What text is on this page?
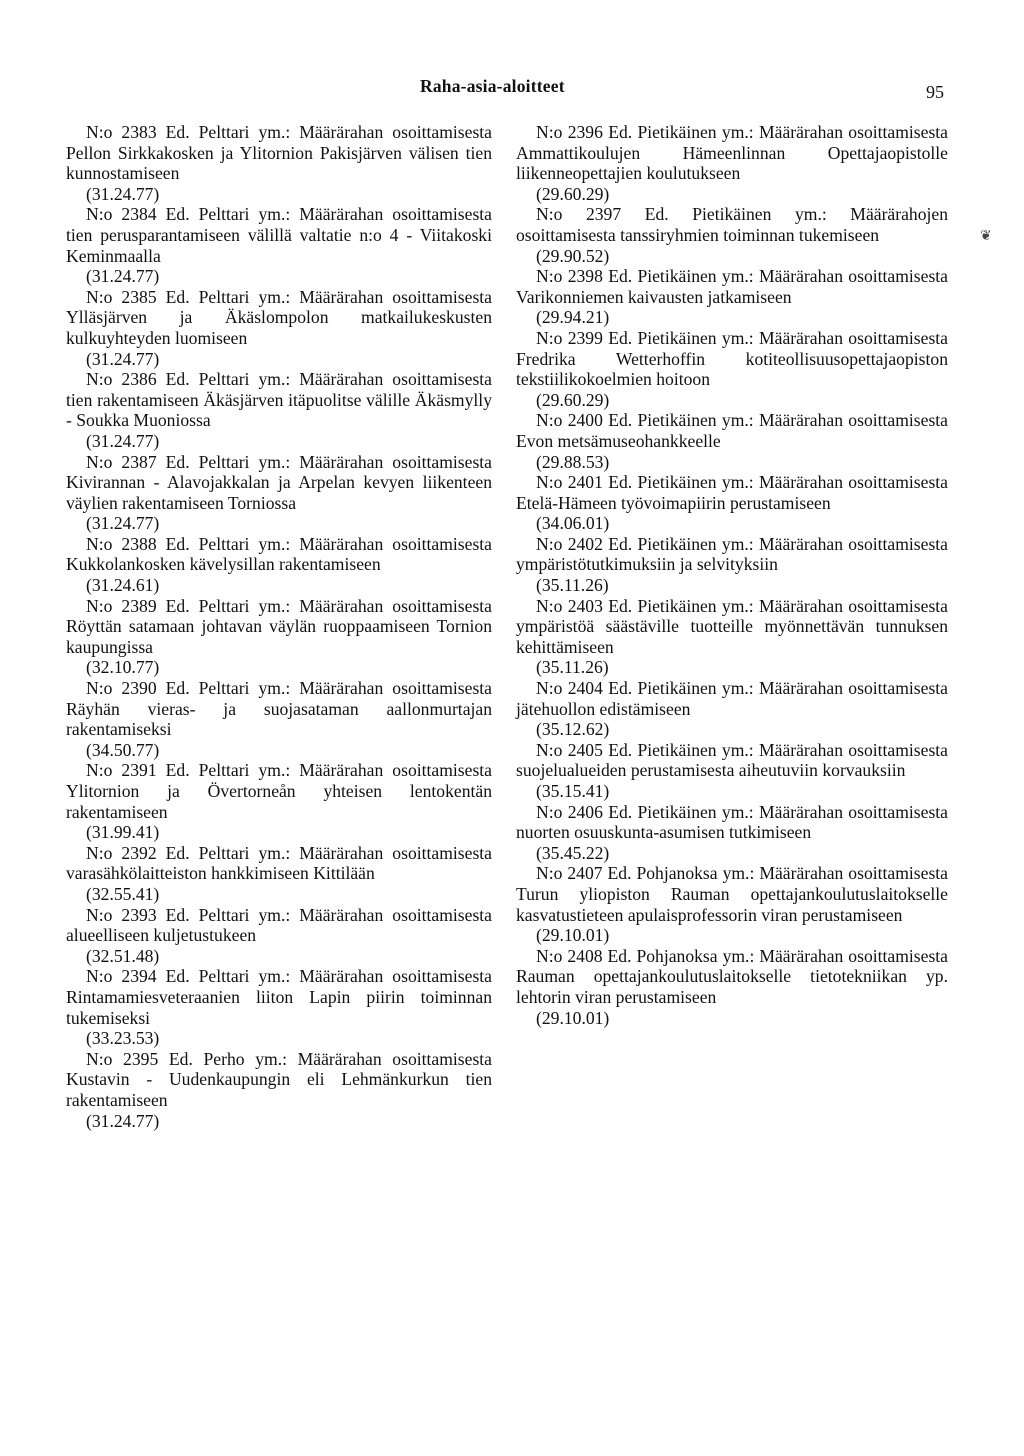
Raha-asia-aloitteet	95

N:o 2383 Ed. Pelttari ym.: Määrärahan osoittamisesta Pellon Sirkkakosken ja Ylitornion Pakisjärven välisen tien kunnostamiseen
(31.24.77)

N:o 2384 Ed. Pelttari ym.: Määrärahan osoittamisesta tien perusparantamiseen välillä valtatie n:o 4 - Viitakoski Keminmaalla
(31.24.77)

N:o 2385 Ed. Pelttari ym.: Määrärahan osoittamisesta Ylläsjärven ja Äkäslompolon matkailukeskusten kulkuyhteyden luomiseen
(31.24.77)

N:o 2386 Ed. Pelttari ym.: Määrärahan osoittamisesta tien rakentamiseen Äkäsjärven itäpuolitse välille Äkäsmylly - Soukka Muoniossa
(31.24.77)

N:o 2387 Ed. Pelttari ym.: Määrärahan osoittamisesta Kivirannan - Alavojakkalan ja Arpelan kevyen liikenteen väylien rakentamiseen Torniossa
(31.24.77)

N:o 2388 Ed. Pelttari ym.: Määrärahan osoittamisesta Kukkolankosken kävelysillan rakentamiseen
(31.24.61)

N:o 2389 Ed. Pelttari ym.: Määrärahan osoittamisesta Röyttän satamaan johtavan väylän ruoppaamiseen Tornion kaupungissa
(32.10.77)

N:o 2390 Ed. Pelttari ym.: Määrärahan osoittamisesta Räyhän vieras- ja suojasataman aallonmurtajan rakentamiseksi
(34.50.77)

N:o 2391 Ed. Pelttari ym.: Määrärahan osoittamisesta Ylitornion ja Övertorneån yhteisen lentokentän rakentamiseen
(31.99.41)

N:o 2392 Ed. Pelttari ym.: Määrärahan osoittamisesta varasähkölaitteiston hankkimiseen Kittilään
(32.55.41)

N:o 2393 Ed. Pelttari ym.: Määrärahan osoittamisesta alueelliseen kuljetustukeen
(32.51.48)

N:o 2394 Ed. Pelttari ym.: Määrärahan osoittamisesta Rintamamiesveteraanien liiton Lapin piirin toiminnan tukemiseksi
(33.23.53)

N:o 2395 Ed. Perho ym.: Määrärahan osoittamisesta Kustavin - Uudenkaupungin eli Lehmänkurkun tien rakentamiseen
(31.24.77)

N:o 2396 Ed. Pietikäinen ym.: Määrärahan osoittamisesta Ammattikoulujen Hämeenlinnan Opettajaopistolle liikenneopettajien koulutukseen
(29.60.29)

N:o 2397 Ed. Pietikäinen ym.: Määrärahojen osoittamisesta tanssiryhmien toiminnan tukemiseen
(29.90.52)

N:o 2398 Ed. Pietikäinen ym.: Määrärahan osoittamisesta Varikonniemen kaivausten jatkamiseen
(29.94.21)

N:o 2399 Ed. Pietikäinen ym.: Määrärahan osoittamisesta Fredrika Wetterhoffin kotiteollisuusopettajaopiston tekstiilikokoelmien hoitoon
(29.60.29)

N:o 2400 Ed. Pietikäinen ym.: Määrärahan osoittamisesta Evon metsämuseohankkeelle
(29.88.53)

N:o 2401 Ed. Pietikäinen ym.: Määrärahan osoittamisesta Etelä-Hämeen työvoimapiirin perustamiseen
(34.06.01)

N:o 2402 Ed. Pietikäinen ym.: Määrärahan osoittamisesta ympäristötutkimuksiin ja selvityksiin
(35.11.26)

N:o 2403 Ed. Pietikäinen ym.: Määrärahan osoittamisesta ympäristöä säästäville tuotteille myönnettävän tunnuksen kehittämiseen
(35.11.26)

N:o 2404 Ed. Pietikäinen ym.: Määrärahan osoittamisesta jätehuollon edistämiseen
(35.12.62)

N:o 2405 Ed. Pietikäinen ym.: Määrärahan osoittamisesta suojelualueiden perustamisesta aiheutuviin korvauksiin
(35.15.41)

N:o 2406 Ed. Pietikäinen ym.: Määrärahan osoittamisesta nuorten osuuskunta-asumisen tutkimiseen
(35.45.22)

N:o 2407 Ed. Pohjanoksa ym.: Määrärahan osoittamisesta Turun yliopiston Rauman opettajankoulutuslaitokselle kasvatustieteen apulaisprofessorin viran perustamiseen
(29.10.01)

N:o 2408 Ed. Pohjanoksa ym.: Määrärahan osoittamisesta Rauman opettajankoulutuslaitokselle tietotekniikan yp. lehtorin viran perustamiseen
(29.10.01)

❦
